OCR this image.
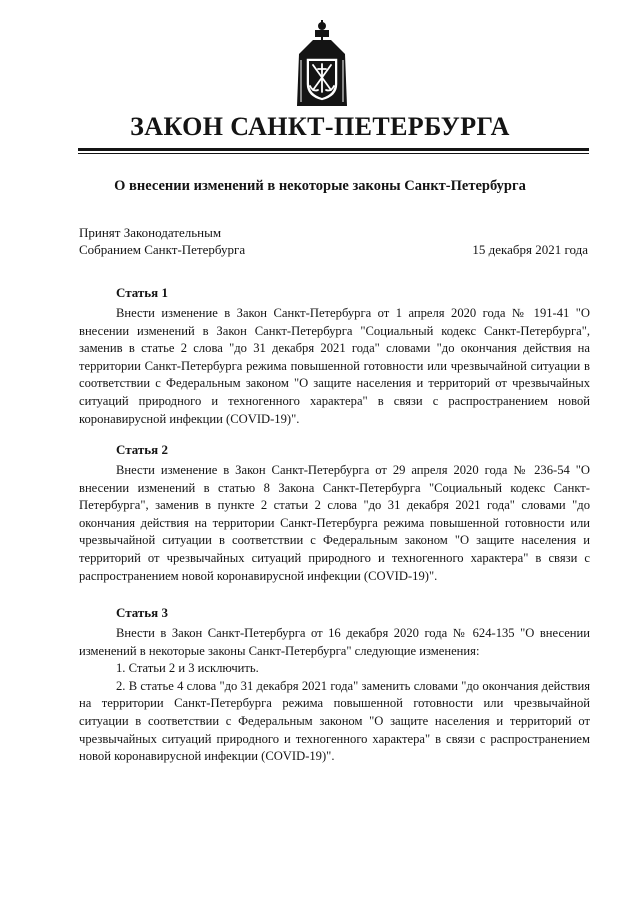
ЗАКОН САНКТ-ПЕТЕРБУРГА
О внесении изменений в некоторые законы Санкт-Петербурга
Принят Законодательным
Собранием Санкт-Петербурга	15 декабря 2021 года
Статья 1

Внести изменение в Закон Санкт-Петербурга от 1 апреля 2020 года № 191-41 "О внесении изменений в Закон Санкт-Петербурга "Социальный кодекс Санкт-Петербурга", заменив в статье 2 слова "до 31 декабря 2021 года" словами "до окончания действия на территории Санкт-Петербурга режима повышенной готовности или чрезвычайной ситуации в соответствии с Федеральным законом "О защите населения и территорий от чрезвычайных ситуаций природного и техногенного характера" в связи с распространением новой коронавирусной инфекции (COVID-19)".

Статья 2

Внести изменение в Закон Санкт-Петербурга от 29 апреля 2020 года № 236-54 "О внесении изменений в статью 8 Закона Санкт-Петербурга "Социальный кодекс Санкт-Петербурга", заменив в пункте 2 статьи 2 слова "до 31 декабря 2021 года" словами "до окончания действия на территории Санкт-Петербурга режима повышенной готовности или чрезвычайной ситуации в соответствии с Федеральным законом "О защите населения и территорий от чрезвычайных ситуаций природного и техногенного характера" в связи с распространением новой коронавирусной инфекции (COVID-19)".

Статья 3

Внести в Закон Санкт-Петербурга от 16 декабря 2020 года № 624-135 "О внесении изменений в некоторые законы Санкт-Петербурга" следующие изменения:

1. Статьи 2 и 3 исключить.

2. В статье 4 слова "до 31 декабря 2021 года" заменить словами "до окончания действия на территории Санкт-Петербурга режима повышенной готовности или чрезвычайной ситуации в соответствии с Федеральным законом "О защите населения и территорий от чрезвычайных ситуаций природного и техногенного характера" в связи с распространением новой коронавирусной инфекции (COVID-19)".
